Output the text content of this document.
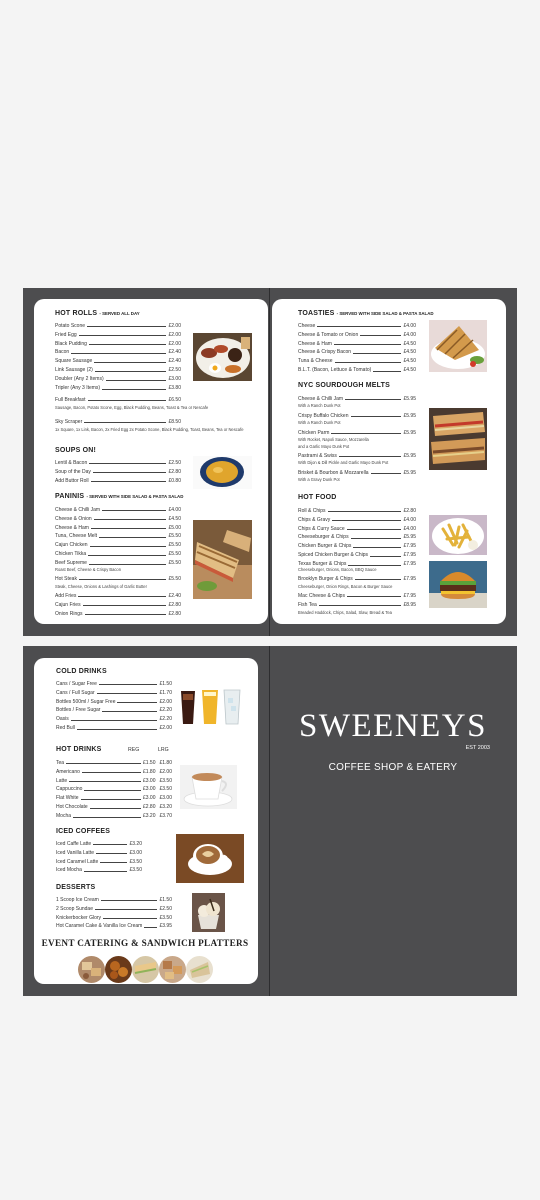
HOT ROLLS - SERVED ALL DAY
Potato Scone	£2.00
Fried Egg	£2.00
Black Pudding	£2.00
Bacon	£2.40
Square Sausage	£2.40
Link Sausage (2)	£2.50
Doubler (Any 2 Items)	£3.00
Tripler (Any 3 Items)	£3.80
Full Breakfast	£6.50
Sausage, Bacon, Potato Scone, Egg, Black Pudding, Beans, Toast & Tea or Nescafe
Sky Scraper	£8.50
1x Square, 1x Link, Bacon, 2x Fried Egg 2x Potato Scone, Black Pudding, Toast, Beans, Tea or Nescafe
SOUPS ON!
Lentil & Bacon	£2.50
Soup of the Day	£2.80
Add Buttor Roll	£0.80
PANINIS - SERVED WITH SIDE SALAD & PASTA SALAD
Cheese & Chilli Jam	£4.00
Cheese & Onion	£4.50
Cheese & Ham	£5.00
Tuna, Cheese Melt	£5.50
Cajun Chicken	£5.50
Chicken Tikka	£5.50
Beef Supreme	£5.50
Roast Beef, Cheese & Crispy Bacon
Hot Steak	£5.50
Steak, Cheese, Onions & Lashings of Garlic Butter
Add Fries	£2.40
Cajun Fries	£2.80
Onion Rings	£2.80
TOASTIES - SERVED WITH SIDE SALAD & PASTA SALAD
Cheese	£4.00
Cheese & Tomato or Onion	£4.00
Cheese & Ham	£4.50
Cheese & Crispy Bacon	£4.50
Tuna & Cheese	£4.50
B.L.T. (Bacon, Lettuce & Tomato)	£4.50
NYC SOURDOUGH MELTS
Cheese & Chilli Jam	£5.95
With a Ranch Dunk Pot
Crispy Buffalo Chicken	£5.95
With a Ranch Dunk Pot
Chicken Parm	£5.95
With Rocket, Napoli Sauce, Mozzarella
and a Garlic Mayo Dunk Pot
Pastrami & Swiss	£5.95
With Dijon & Dill Pickle and Garlic Mayo Dunk Pot
Brisket & Bourbon & Mozzarella	£5.95
With a Gravy Dunk Pot
HOT FOOD
Roll & Chips	£2.80
Chips & Gravy	£4.00
Chips & Curry Sauce	£4.00
Cheeseburger & Chips	£5.95
Chicken Burger & Chips	£7.95
Spiced Chicken Burger & Chips	£7.95
Texas Burger & Chips	£7.95
Cheeseburger, Onions, Bacon, BBQ Sauce
Brooklyn Burger & Chips	£7.95
Cheeseburger, Onion Rings, Bacon & Burger Sauce
Mac Cheese & Chips	£7.95
Fish Tea	£8.95
Breaded Haddock, Chips, Salad, Slaw, Bread & Tea
COLD DRINKS
Cans / Sugar Free	£1.50
Cans / Full Sugar	£1.70
Bottles 500ml / Sugar Free	£2.00
Bottles / Free Sugar	£2.20
Oasis	£2.20
Red Bull	£2.00
HOT DRINKS	REG	LRG
Tea	£1.50 £1.80
Americano	£1.80 £2.00
Latte	£3.00 £3.50
Cappuccino	£3.00 £3.50
Flat White	£3.00 £3.00
Hot Chocolate	£2.80 £3.20
Mocha	£3.20 £3.70
ICED COFFEES
Iced Caffe Latte	£3.20
Iced Vanilla Latte	£3.00
Iced Caramel Latte	£3.50
Iced Mocha	£3.50
DESSERTS
1 Scoop Ice Cream	£1.50
2 Scoop Sundae	£2.50
Knickerbocker Glory	£3.50
Hot Caramel Cake & Vanilla Ice Cream	£3.95
EVENT CATERING & SANDWICH PLATTERS
SWEENEYS
EST 2003
COFFEE SHOP & EATERY
